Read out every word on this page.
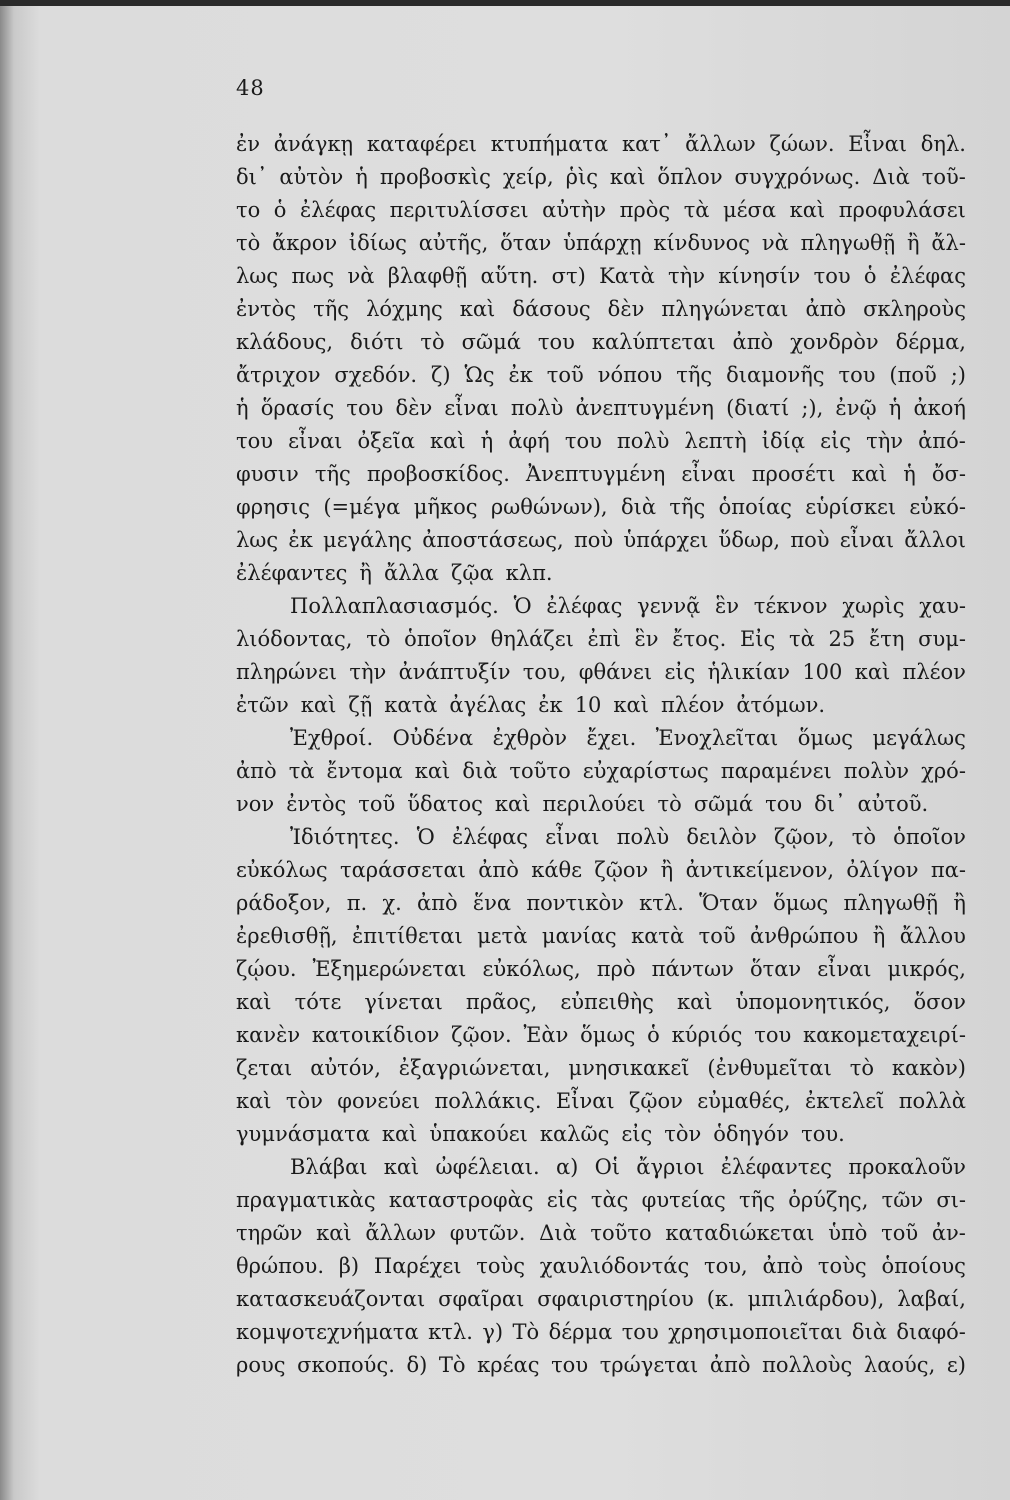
48
ἐν ἀνάγκῃ καταφέρει κτυπήματα κατ᾽ ἄλλων ζώων. Εἶναι δηλ.
δι᾽ αὐτὸν ἡ προβοσκὶς χείρ, ῥὶς καὶ ὅπλον συγχρόνως. Διὰ τοῦ-
το ὁ ἐλέφας περιτυλίσσει αὐτὴν πρὸς τὰ μέσα καὶ προφυλάσει
τὸ ἄκρον ἰδίως αὐτῆς, ὅταν ὑπάρχῃ κίνδυνος νὰ πληγωθῇ ἢ ἄλ-
λως πως νὰ βλαφθῇ αὕτη. στ) Κατὰ τὴν κίνησίν του ὁ ἐλέφας
ἐντὸς τῆς λόχμης καὶ δάσους δὲν πληγώνεται ἀπὸ σκληροὺς
κλάδους, διότι τὸ σῶμά του καλύπτεται ἀπὸ χονδρὸν δέρμα,
ἄτριχον σχεδόν. ζ) Ὡς ἐκ τοῦ νόπου τῆς διαμονῆς του (ποῦ ;)
ἡ ὅρασίς του δὲν εἶναι πολὺ ἀνεπτυγμένη (διατί ;), ἐνῷ ἡ ἀκοή
του εἶναι ὀξεῖα καὶ ἡ ἀφή του πολὺ λεπτὴ ἰδίᾳ εἰς τὴν ἀπό-
φυσιν τῆς προβοσκίδος. Ἀνεπτυγμένη εἶναι προσέτι καὶ ἡ ὄσ-
φρησις (=μέγα μῆκος ρωθώνων), διὰ τῆς ὁποίας εὑρίσκει εὐκό-
λως ἐκ μεγάλης ἀποστάσεως, ποὺ ὑπάρχει ὕδωρ, ποὺ εἶναι ἄλλοι
ἐλέφαντες ἢ ἄλλα ζῷα κλπ.
Πολλαπλασιασμός. Ὁ ἐλέφας γεννᾷ ἓν τέκνον χωρὶς χαυ-
λιόδοντας, τὸ ὁποῖον θηλάζει ἐπὶ ἓν ἔτος. Εἰς τὰ 25 ἔτη συμ-
πληρώνει τὴν ἀνάπτυξίν του, φθάνει εἰς ἡλικίαν 100 καὶ πλέον
ἐτῶν καὶ ζῇ κατὰ ἀγέλας ἐκ 10 καὶ πλέον ἀτόμων.
Ἐχθροί. Οὐδένα ἐχθρὸν ἔχει. Ἐνοχλεῖται ὅμως μεγάλως
ἀπὸ τὰ ἔντομα καὶ διὰ τοῦτο εὐχαρίστως παραμένει πολὺν χρό-
νον ἐντὸς τοῦ ὕδατος καὶ περιλούει τὸ σῶμά του δι᾽ αὐτοῦ.
Ἰδιότητες. Ὁ ἐλέφας εἶναι πολὺ δειλὸν ζῷον, τὸ ὁποῖον
εὐκόλως ταράσσεται ἀπὸ κάθε ζῷον ἢ ἀντικείμενον, ὀλίγον πα-
ράδοξον, π. χ. ἀπὸ ἕνα ποντικὸν κτλ. Ὅταν ὅμως πληγωθῇ ἢ
ἐρεθισθῇ, ἐπιτίθεται μετὰ μανίας κατὰ τοῦ ἀνθρώπου ἢ ἄλλου
ζῴου. Ἐξημερώνεται εὐκόλως, πρὸ πάντων ὅταν εἶναι μικρός,
καὶ τότε γίνεται πρᾶος, εὐπειθὴς καὶ ὑπομονητικός, ὅσον
κανὲν κατοικίδιον ζῷον. Ἐὰν ὅμως ὁ κύριός του κακομεταχειρί-
ζεται αὐτόν, ἐξαγριώνεται, μνησικακεῖ (ἐνθυμεῖται τὸ κακὸν)
καὶ τὸν φονεύει πολλάκις. Εἶναι ζῷον εὐμαθές, ἐκτελεῖ πολλὰ
γυμνάσματα καὶ ὑπακούει καλῶς εἰς τὸν ὁδηγόν του.
Βλάβαι καὶ ὠφέλειαι. α) Οἱ ἄγριοι ἐλέφαντες προκαλοῦν
πραγματικὰς καταστροφὰς εἰς τὰς φυτείας τῆς ὀρύζης, τῶν σι-
τηρῶν καὶ ἄλλων φυτῶν. Διὰ τοῦτο καταδιώκεται ὑπὸ τοῦ ἀν-
θρώπου. β) Παρέχει τοὺς χαυλιόδοντάς του, ἀπὸ τοὺς ὁποίους
κατασκευάζονται σφαῖραι σφαιριστηρίου (κ. μπιλιάρδου), λαβαί,
κομψοτεχνήματα κτλ. γ) Τὸ δέρμα του χρησιμοποιεῖται διὰ διαφό-
ρους σκοπούς. δ) Τὸ κρέας του τρώγεται ἀπὸ πολλοὺς λαούς, ε)
